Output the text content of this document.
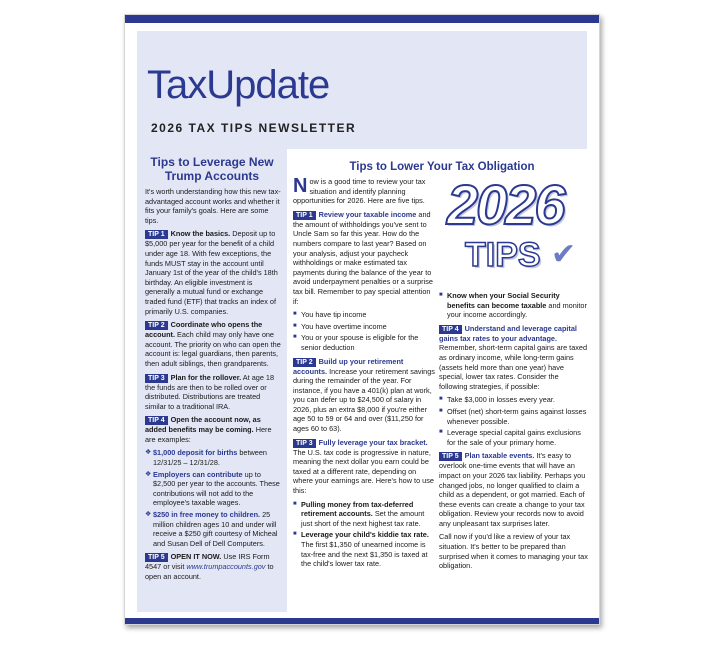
TaxUpdate
2026 TAX TIPS NEWSLETTER
Tips to Leverage New Trump Accounts

It's worth understanding how this new tax-advantaged account works and whether it fits your family's goals. Here are some tips.

TIP 1 Know the basics. Deposit up to $5,000 per year for the benefit of a child under age 18. With few exceptions, the funds MUST stay in the account until January 1st of the year of the child's 18th birthday. An eligible investment is generally a mutual fund or exchange traded fund (ETF) that tracks an index of primarily U.S. companies.

TIP 2 Coordinate who opens the account. Each child may only have one account. The priority on who can open the account is: legal guardians, then parents, then adult siblings, then grandparents.

TIP 3 Plan for the rollover. At age 18 the funds are then to be rolled over or distributed. Distributions are treated similar to a traditional IRA.

TIP 4 Open the account now, as added benefits may be coming. Here are examples:

❖ $1,000 deposit for births between 12/31/25 – 12/31/28.
❖ Employers can contribute up to $2,500 per year to the accounts. These contributions will not add to the employee's taxable wages.
❖ $250 in free money to children. 25 million children ages 10 and under will receive a $250 gift courtesy of Micheal and Susan Dell of Dell Computers.

TIP 5 OPEN IT NOW. Use IRS Form 4547 or visit www.trumpaccounts.gov to open an account.

Tips to Lower Your Tax Obligation

Now is a good time to review your tax situation and identify planning opportunities for 2026. Here are five tips.

TIP 1 Review your taxable income and the amount of withholdings you've sent to Uncle Sam so far this year. How do the numbers compare to last year? Based on your analysis, adjust your paycheck withholdings or make estimated tax payments during the balance of the year to avoid underpayment penalties or a surprise tax bill. Remember to pay special attention if:

■ You have tip income
■ You have overtime income
■ You or your spouse is eligible for the senior deduction

TIP 2 Build up your retirement accounts. Increase your retirement savings during the remainder of the year. For instance, if you have a 401(k) plan at work, you can defer up to $24,500 of salary in 2026, plus an extra $8,000 if you're either age 50 to 59 or 64 and over ($11,250 for ages 60 to 63).

TIP 3 Fully leverage your tax bracket. The U.S. tax code is progressive in nature, meaning the next dollar you earn could be taxed at a different rate, depending on where your earnings are. Here's how to use this:

■ Pulling money from tax-deferred retirement accounts. Set the amount just short of the next highest tax rate.
■ Leverage your child's kiddie tax rate. The first $1,350 of unearned income is tax-free and the next $1,350 is taxed at the child's lower tax rate.
2026
TIPS ✔
■ Know when your Social Security benefits can become taxable and monitor your income accordingly.

TIP 4 Understand and leverage capital gains tax rates to your advantage. Remember, short-term capital gains are taxed as ordinary income, while long-term gains (assets held more than one year) have special, lower tax rates. Consider the following strategies, if possible:

■ Take $3,000 in losses every year.
■ Offset (net) short-term gains against losses whenever possible.
■ Leverage special capital gains exclusions for the sale of your primary home.

TIP 5 Plan taxable events. It's easy to overlook one-time events that will have an impact on your 2026 tax liability. Perhaps you changed jobs, no longer qualified to claim a child as a dependent, or got married. Each of these events can create a change to your tax obligation. Review your records now to avoid any unpleasant tax surprises later.

Call now if you'd like a review of your tax situation. It's better to be prepared than surprised when it comes to managing your tax obligation.
